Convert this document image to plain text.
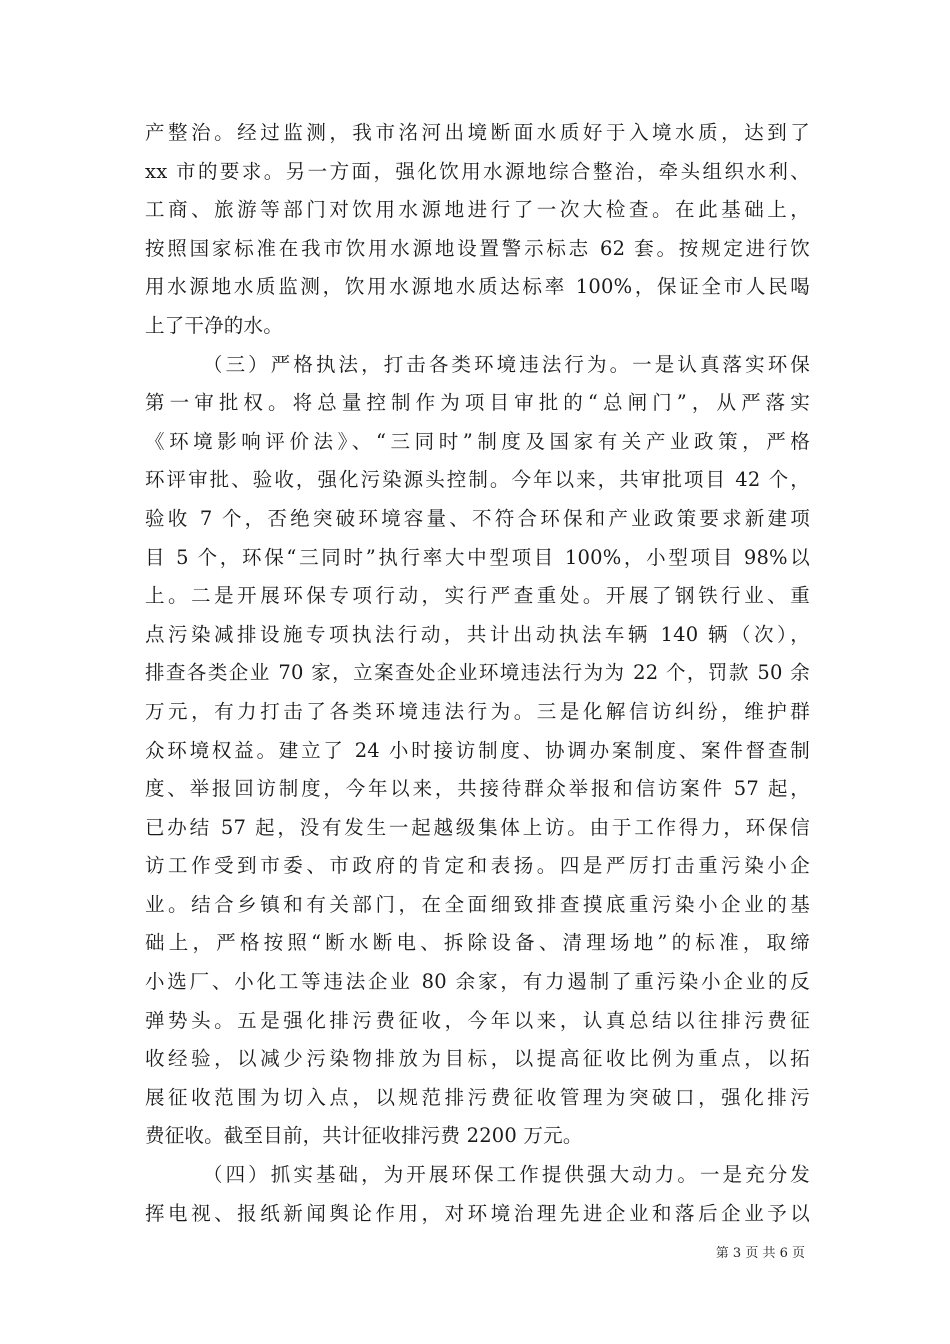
产整治。经过监测，我市洺河出境断面水质好于入境水质，达到了
xx 市的要求。另一方面，强化饮用水源地综合整治，牵头组织水利、
工商、旅游等部门对饮用水源地进行了一次大检查。在此基础上，
按照国家标准在我市饮用水源地设置警示标志 62 套。按规定进行饮
用水源地水质监测，饮用水源地水质达标率 100%，保证全市人民喝
上了干净的水。
（三）严格执法，打击各类环境违法行为。一是认真落实环保
第一审批权。将总量控制作为项目审批的“总闸门”，从严落实
《环境影响评价法》、“三同时”制度及国家有关产业政策，严格
环评审批、验收，强化污染源头控制。今年以来，共审批项目 42 个，
验收 7 个，否绝突破环境容量、不符合环保和产业政策要求新建项
目 5 个，环保“三同时”执行率大中型项目 100%，小型项目 98%以
上。二是开展环保专项行动，实行严查重处。开展了钢铁行业、重
点污染减排设施专项执法行动，共计出动执法车辆 140 辆（次），
排查各类企业 70 家，立案查处企业环境违法行为为 22 个，罚款 50 余
万元，有力打击了各类环境违法行为。三是化解信访纠纷，维护群
众环境权益。建立了 24 小时接访制度、协调办案制度、案件督查制
度、举报回访制度，今年以来，共接待群众举报和信访案件 57 起，
已办结 57 起，没有发生一起越级集体上访。由于工作得力，环保信
访工作受到市委、市政府的肯定和表扬。四是严厉打击重污染小企
业。结合乡镇和有关部门，在全面细致排查摸底重污染小企业的基
础上，严格按照“断水断电、拆除设备、清理场地”的标准，取缔
小选厂、小化工等违法企业 80 余家，有力遏制了重污染小企业的反
弹势头。五是强化排污费征收，今年以来，认真总结以往排污费征
收经验，以减少污染物排放为目标，以提高征收比例为重点，以拓
展征收范围为切入点，以规范排污费征收管理为突破口，强化排污
费征收。截至目前，共计征收排污费 2200 万元。
（四）抓实基础，为开展环保工作提供强大动力。一是充分发
挥电视、报纸新闻舆论作用，对环境治理先进企业和落后企业予以
第 3 页 共 6 页
